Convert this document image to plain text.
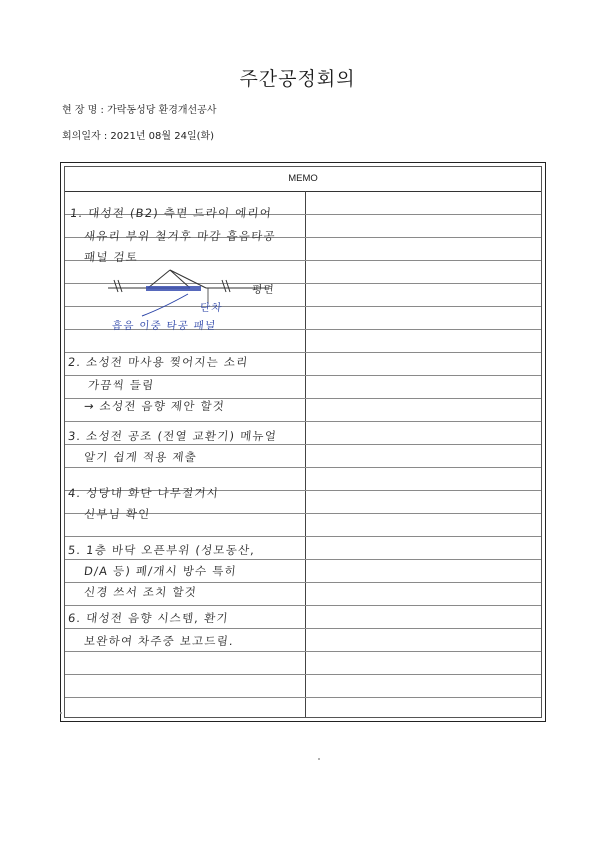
주간공정회의
현 장 명 : 가락동성당 환경개선공사
회의일자 : 2021년 08월 24일(화)
MEMO
1. 대성전 (B2) 측면 드라이 에리어
새유리 부위 철거후 마감 흡음타공
패널 검토
단차
평면
흡음 이중 타공 패널
2. 소성전 마사용 찢어지는 소리
가끔씩 들림
→ 소성전 음향 제안 할것
3. 소성전 공조 (전열 교환기) 메뉴얼
알기 쉽게 적용 제출
4. 성당내 화단 나무절거시
신부님 확인
5. 1층 바닥 오픈부위 (성모동산,
D/A 등) 폐/개시 방수 특히
신경 쓰서 조치 할것
6. 대성전 음향 시스템, 환기
보완하여 차주중 보고드림.
